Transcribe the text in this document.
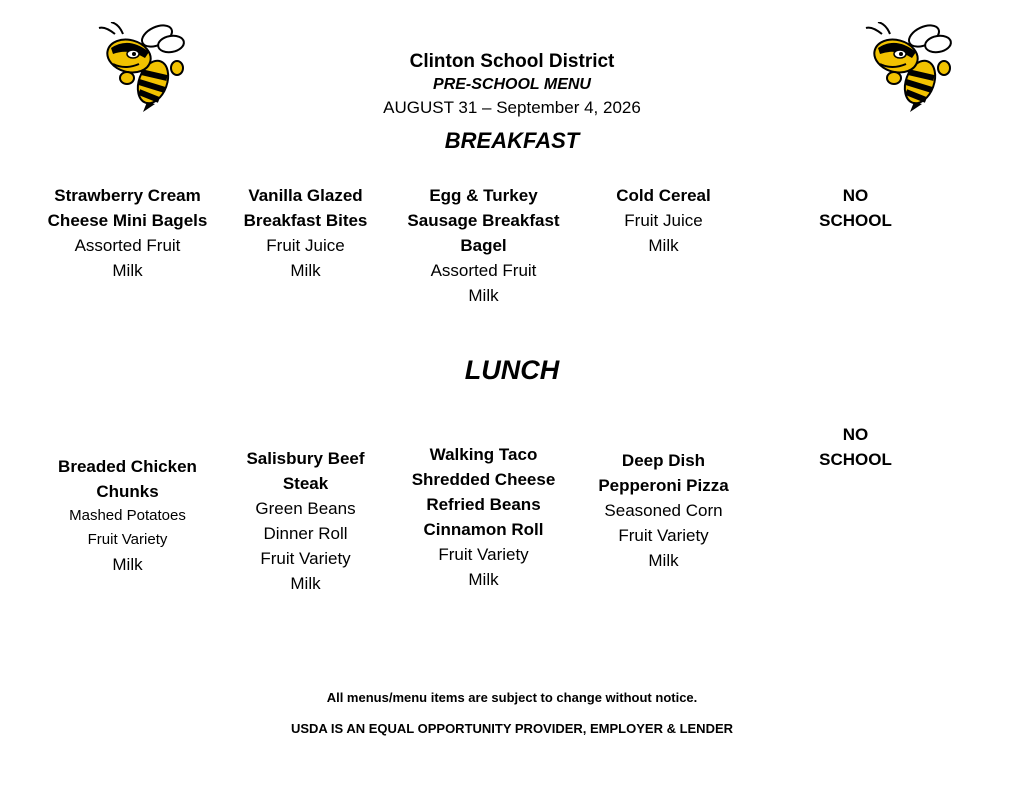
Clinton School District
PRE-SCHOOL MENU
AUGUST 31 – September 4, 2026
BREAKFAST
Strawberry Cream
Cheese Mini Bagels
Assorted Fruit
Milk
Vanilla Glazed
Breakfast Bites
Fruit Juice
Milk
Egg & Turkey
Sausage Breakfast
Bagel
Assorted Fruit
Milk
Cold Cereal
Fruit Juice
Milk
NO
SCHOOL
LUNCH
Breaded Chicken
Chunks
Mashed Potatoes
Fruit Variety
Milk
Salisbury Beef
Steak
Green Beans
Dinner Roll
Fruit Variety
Milk
Walking Taco
Shredded Cheese
Refried Beans
Cinnamon Roll
Fruit Variety
Milk
Deep Dish
Pepperoni Pizza
Seasoned Corn
Fruit Variety
Milk
NO
SCHOOL
All menus/menu items are subject to change without notice.
USDA IS AN EQUAL OPPORTUNITY PROVIDER, EMPLOYER & LENDER
